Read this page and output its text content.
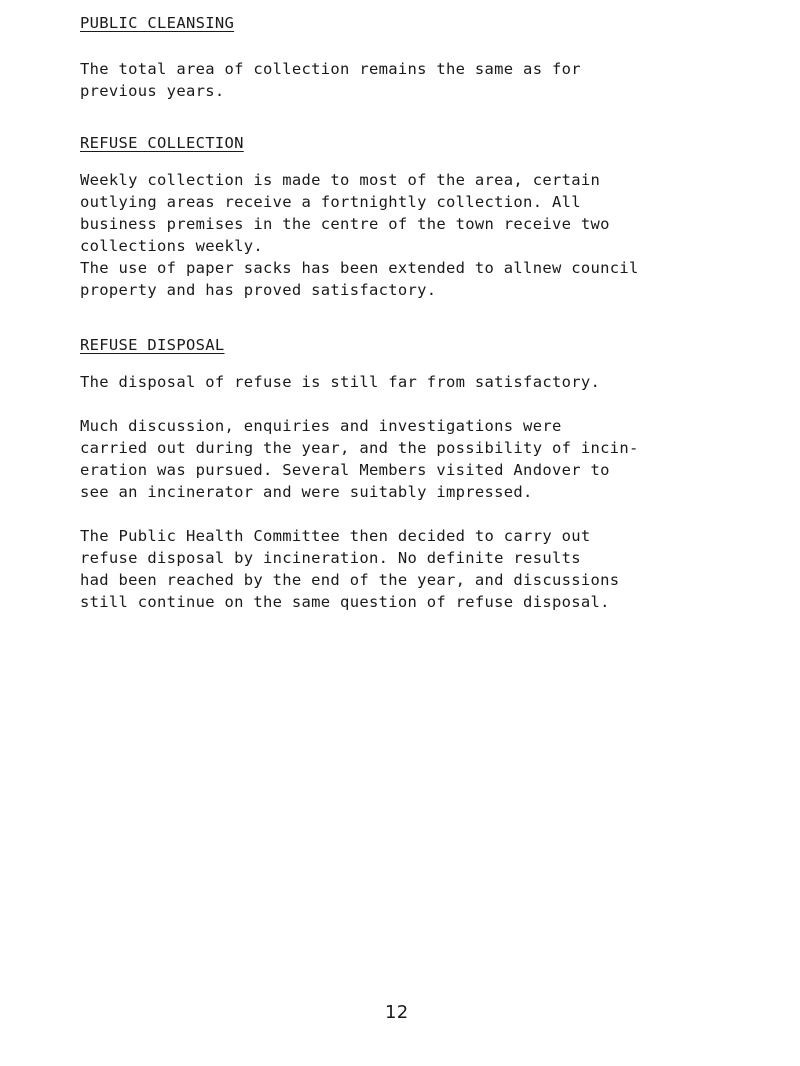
PUBLIC CLEANSING

The total area of collection remains the same as for
previous years.

REFUSE COLLECTION

Weekly collection is made to most of the area, certain
outlying areas receive a fortnightly collection. All
business premises in the centre of the town receive two
collections weekly.

The use of paper sacks has been extended to allnew council
property and has proved satisfactory.

REFUSE DISPOSAL

The disposal of refuse is still far from satisfactory.

Much discussion, enquiries and investigations were
carried out during the year, and the possibility of incin-
eration was pursued. Several Members visited Andover to
see an incinerator and were suitably impressed.

The Public Health Committee then decided to carry out
refuse disposal by incineration. No definite results
had been reached by the end of the year, and discussions
still continue on the same question of refuse disposal.

12
